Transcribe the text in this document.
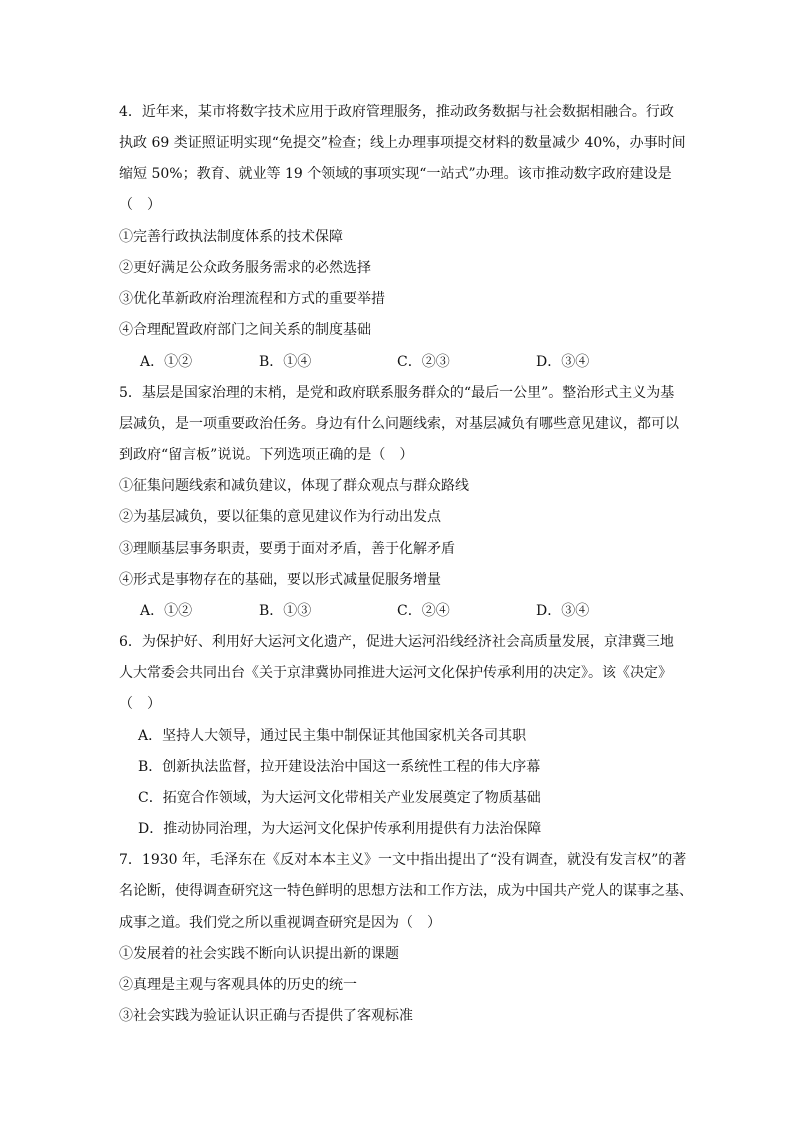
4．近年来，某市将数字技术应用于政府管理服务，推动政务数据与社会数据相融合。行政
执政 69 类证照证明实现“免提交”检查；线上办理事项提交材料的数量减少 40%，办事时间
缩短 50%；教育、就业等 19 个领域的事项实现“一站式”办理。该市推动数字政府建设是
（　）
①完善行政执法制度体系的技术保障
②更好满足公众政务服务需求的必然选择
③优化革新政府治理流程和方式的重要举措
④合理配置政府部门之间关系的制度基础
A．①②	B．①④	C．②③	D．③④
5．基层是国家治理的末梢，是党和政府联系服务群众的“最后一公里”。整治形式主义为基
层减负，是一项重要政治任务。身边有什么问题线索，对基层减负有哪些意见建议，都可以
到政府“留言板”说说。下列选项正确的是（　）
①征集问题线索和减负建议，体现了群众观点与群众路线
②为基层减负，要以征集的意见建议作为行动出发点
③理顺基层事务职责，要勇于面对矛盾，善于化解矛盾
④形式是事物存在的基础，要以形式减量促服务增量
A．①②	B．①③	C．②④	D．③④
6．为保护好、利用好大运河文化遗产，促进大运河沿线经济社会高质量发展，京津冀三地
人大常委会共同出台《关于京津冀协同推进大运河文化保护传承利用的决定》。该《决定》
（　）
A．坚持人大领导，通过民主集中制保证其他国家机关各司其职
B．创新执法监督，拉开建设法治中国这一系统性工程的伟大序幕
C．拓宽合作领域，为大运河文化带相关产业发展奠定了物质基础
D．推动协同治理，为大运河文化保护传承利用提供有力法治保障
7．1930 年，毛泽东在《反对本本主义》一文中指出提出了“没有调查，就没有发言权”的著
名论断，使得调查研究这一特色鲜明的思想方法和工作方法，成为中国共产党人的谋事之基、
成事之道。我们党之所以重视调查研究是因为（　）
①发展着的社会实践不断向认识提出新的课题
②真理是主观与客观具体的历史的统一
③社会实践为验证认识正确与否提供了客观标准
